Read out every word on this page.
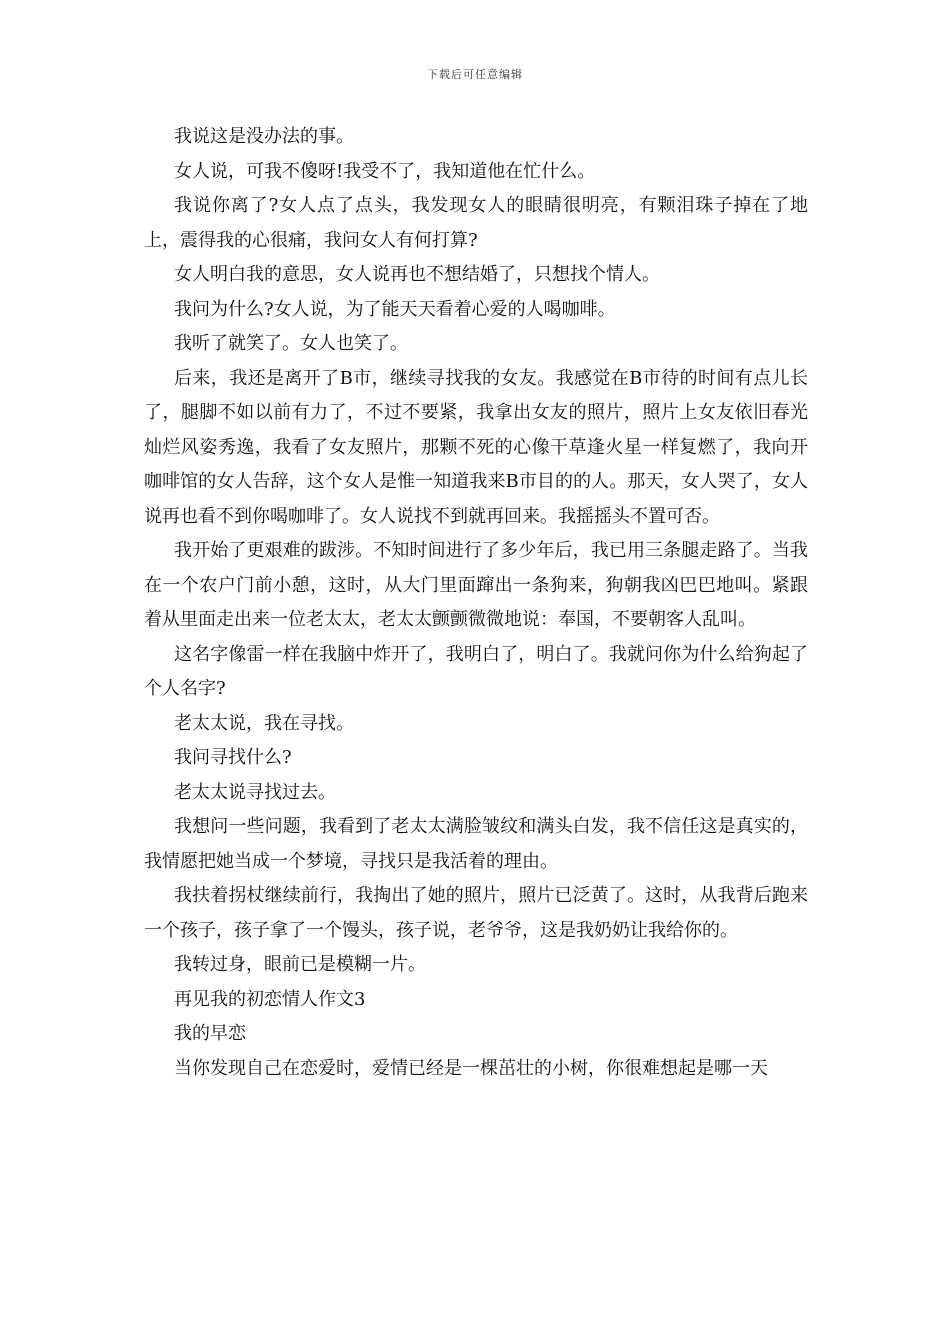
下载后可任意编辑

我说这是没办法的事。

女人说，可我不傻呀!我受不了，我知道他在忙什么。

我说你离了?女人点了点头，我发现女人的眼睛很明亮，有颗泪珠子掉在了地上，震得我的心很痛，我问女人有何打算?

女人明白我的意思，女人说再也不想结婚了，只想找个情人。

我问为什么?女人说，为了能天天看着心爱的人喝咖啡。

我听了就笑了。女人也笑了。

后来，我还是离开了B市，继续寻找我的女友。我感觉在B市待的时间有点儿长了，腿脚不如以前有力了，不过不要紧，我拿出女友的照片，照片上女友依旧春光灿烂风姿秀逸，我看了女友照片，那颗不死的心像干草逢火星一样复燃了，我向开咖啡馆的女人告辞，这个女人是惟一知道我来B市目的的人。那天，女人哭了，女人说再也看不到你喝咖啡了。女人说找不到就再回来。我摇摇头不置可否。

我开始了更艰难的跋涉。不知时间进行了多少年后，我已用三条腿走路了。当我在一个农户门前小憩，这时，从大门里面蹿出一条狗来，狗朝我凶巴巴地叫。紧跟着从里面走出来一位老太太，老太太颤颤微微地说：奉国，不要朝客人乱叫。

这名字像雷一样在我脑中炸开了，我明白了，明白了。我就问你为什么给狗起了个人名字?

老太太说，我在寻找。

我问寻找什么?

老太太说寻找过去。

我想问一些问题，我看到了老太太满脸皱纹和满头白发，我不信任这是真实的，我情愿把她当成一个梦境，寻找只是我活着的理由。

我扶着拐杖继续前行，我掏出了她的照片，照片已泛黄了。这时，从我背后跑来一个孩子，孩子拿了一个馒头，孩子说，老爷爷，这是我奶奶让我给你的。

我转过身，眼前已是模糊一片。

再见我的初恋情人作文3

我的早恋

当你发现自己在恋爱时，爱情已经是一棵茁壮的小树，你很难想起是哪一天
